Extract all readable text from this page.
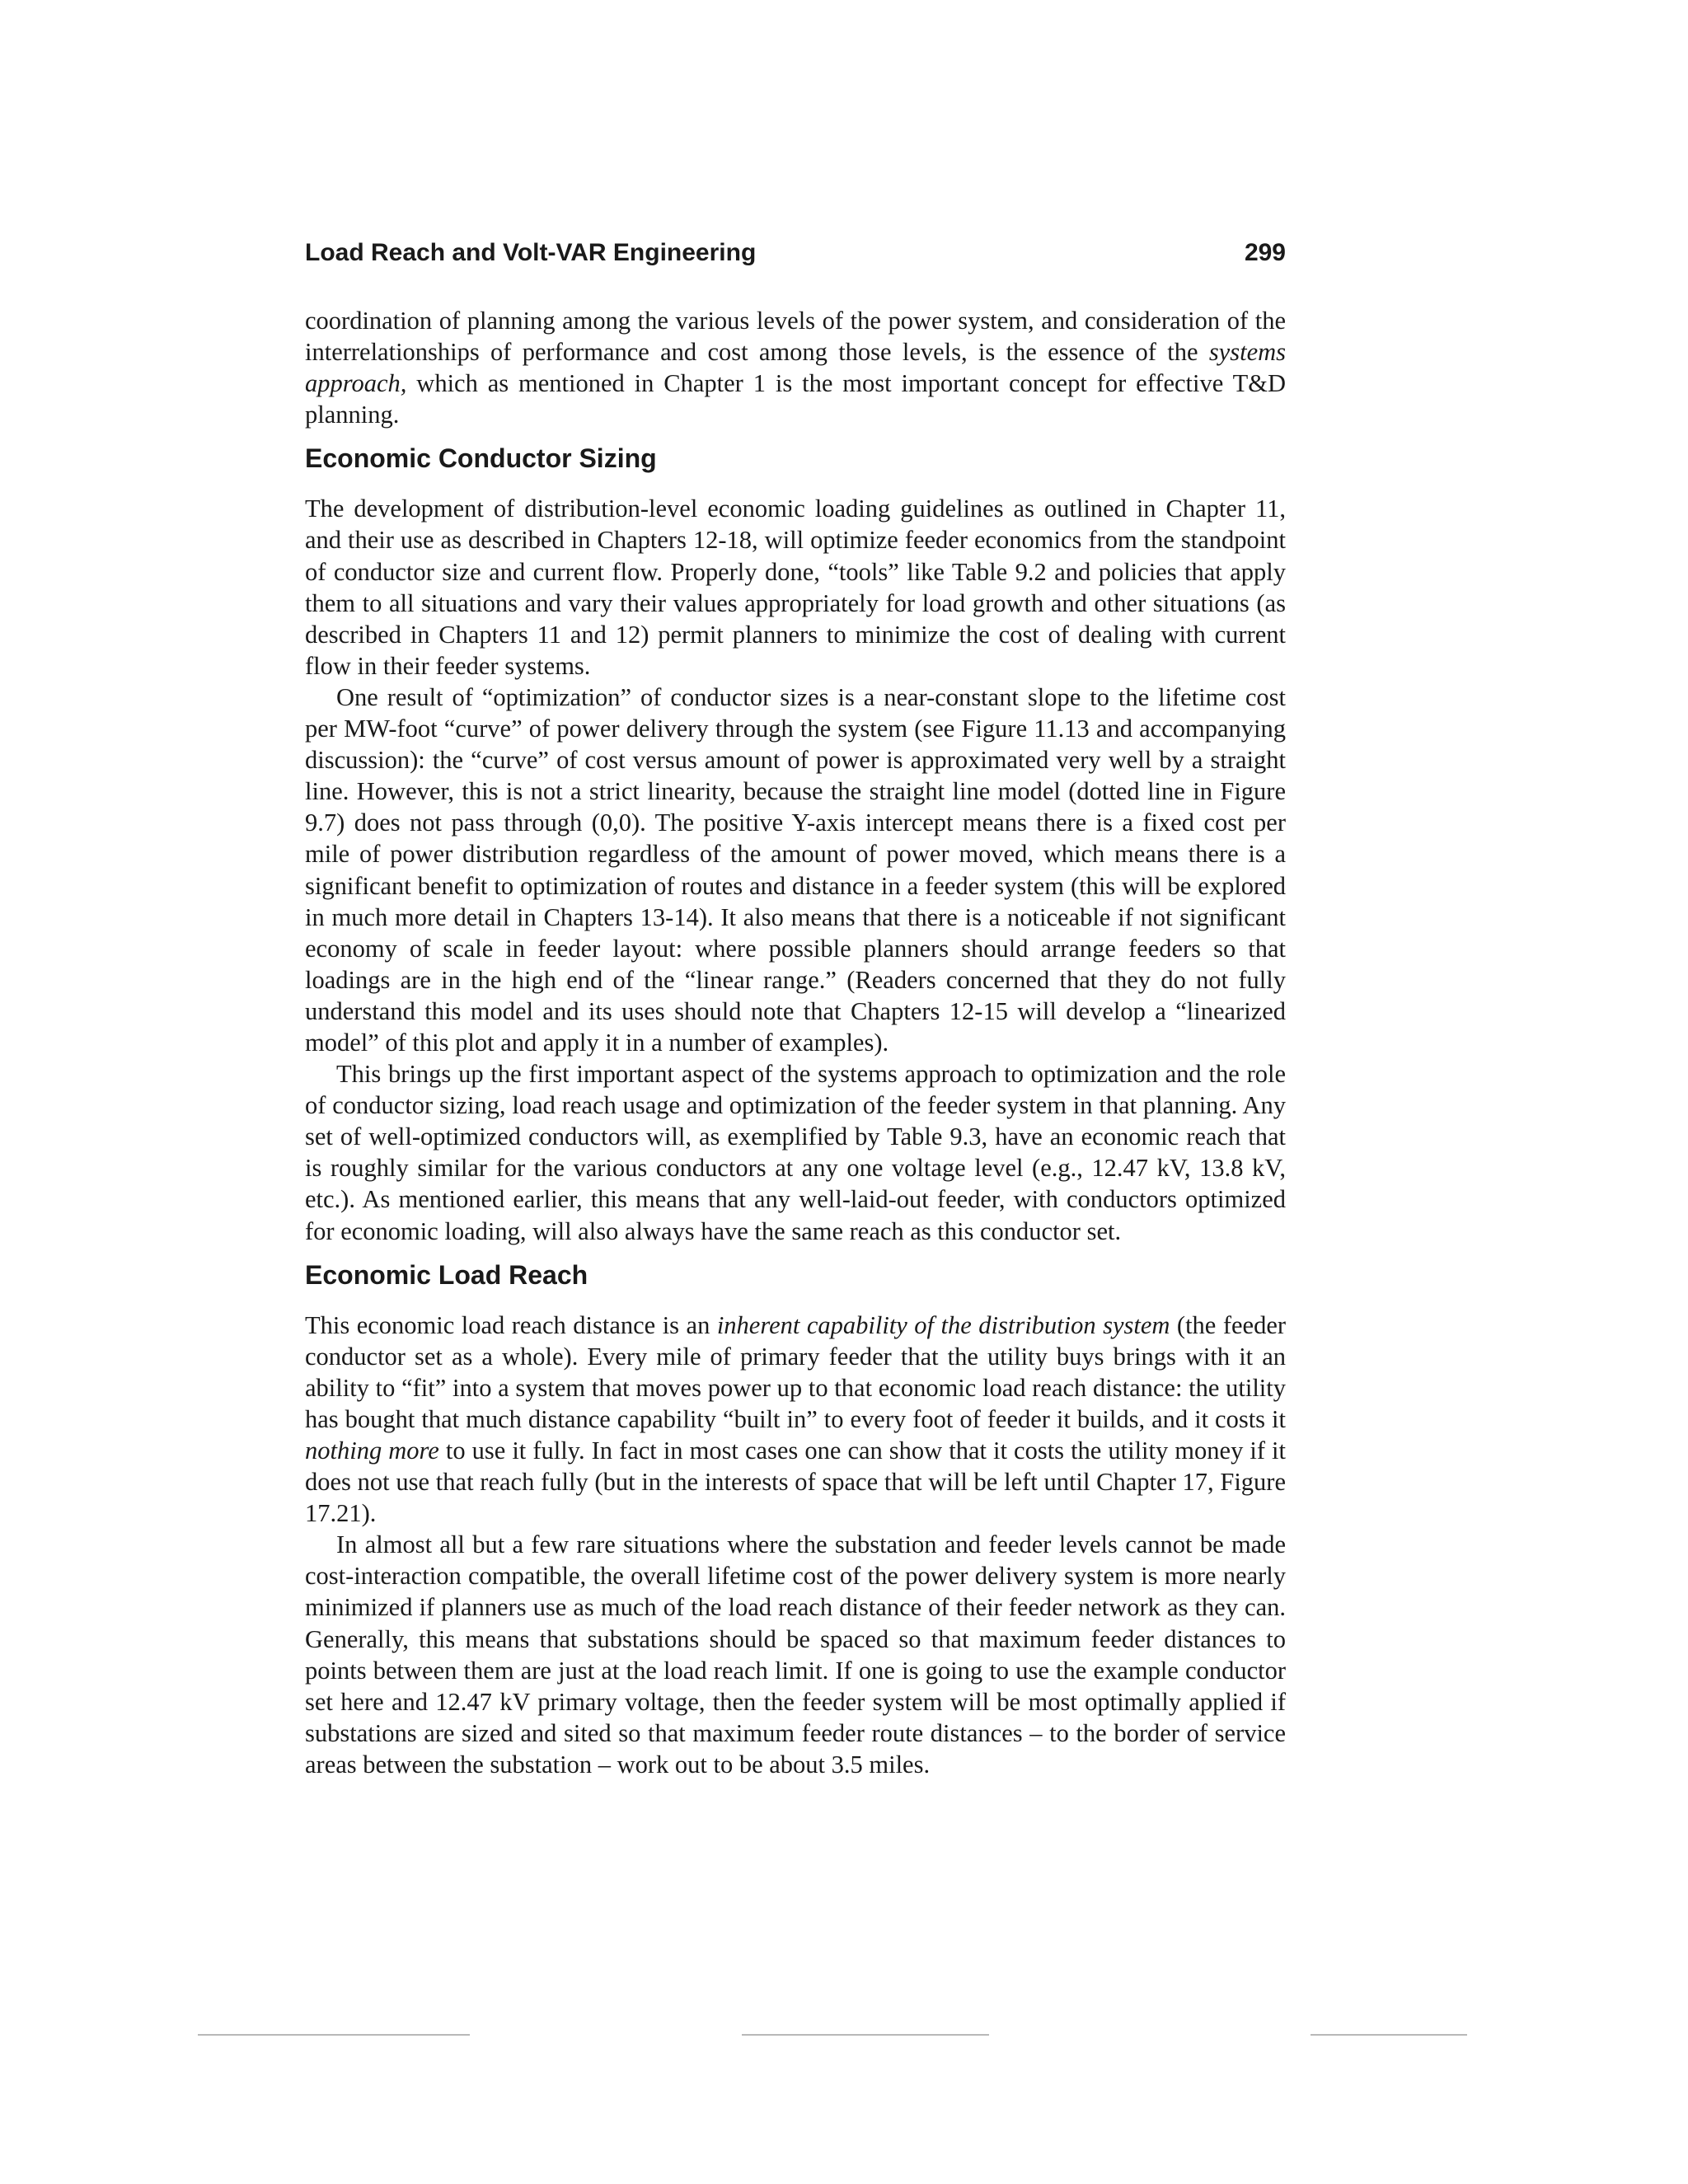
Load Reach and Volt-VAR Engineering	299

coordination of planning among the various levels of the power system, and consideration of the interrelationships of performance and cost among those levels, is the essence of the systems approach, which as mentioned in Chapter 1 is the most important concept for effective T&D planning.

Economic Conductor Sizing

The development of distribution-level economic loading guidelines as outlined in Chapter 11, and their use as described in Chapters 12-18, will optimize feeder economics from the standpoint of conductor size and current flow. Properly done, “tools” like Table 9.2 and policies that apply them to all situations and vary their values appropriately for load growth and other situations (as described in Chapters 11 and 12) permit planners to minimize the cost of dealing with current flow in their feeder systems.

One result of “optimization” of conductor sizes is a near-constant slope to the lifetime cost per MW-foot “curve” of power delivery through the system (see Figure 11.13 and accompanying discussion): the “curve” of cost versus amount of power is approximated very well by a straight line. However, this is not a strict linearity, because the straight line model (dotted line in Figure 9.7) does not pass through (0,0). The positive Y-axis intercept means there is a fixed cost per mile of power distribution regardless of the amount of power moved, which means there is a significant benefit to optimization of routes and distance in a feeder system (this will be explored in much more detail in Chapters 13-14). It also means that there is a noticeable if not significant economy of scale in feeder layout: where possible planners should arrange feeders so that loadings are in the high end of the “linear range.” (Readers concerned that they do not fully understand this model and its uses should note that Chapters 12-15 will develop a “linearized model” of this plot and apply it in a number of examples).

This brings up the first important aspect of the systems approach to optimization and the role of conductor sizing, load reach usage and optimization of the feeder system in that planning. Any set of well-optimized conductors will, as exemplified by Table 9.3, have an economic reach that is roughly similar for the various conductors at any one voltage level (e.g., 12.47 kV, 13.8 kV, etc.). As mentioned earlier, this means that any well-laid-out feeder, with conductors optimized for economic loading, will also always have the same reach as this conductor set.

Economic Load Reach

This economic load reach distance is an inherent capability of the distribution system (the feeder conductor set as a whole). Every mile of primary feeder that the utility buys brings with it an ability to “fit” into a system that moves power up to that economic load reach distance: the utility has bought that much distance capability “built in” to every foot of feeder it builds, and it costs it nothing more to use it fully. In fact in most cases one can show that it costs the utility money if it does not use that reach fully (but in the interests of space that will be left until Chapter 17, Figure 17.21).

In almost all but a few rare situations where the substation and feeder levels cannot be made cost-interaction compatible, the overall lifetime cost of the power delivery system is more nearly minimized if planners use as much of the load reach distance of their feeder network as they can. Generally, this means that substations should be spaced so that maximum feeder distances to points between them are just at the load reach limit. If one is going to use the example conductor set here and 12.47 kV primary voltage, then the feeder system will be most optimally applied if substations are sized and sited so that maximum feeder route distances – to the border of service areas between the substation – work out to be about 3.5 miles.
